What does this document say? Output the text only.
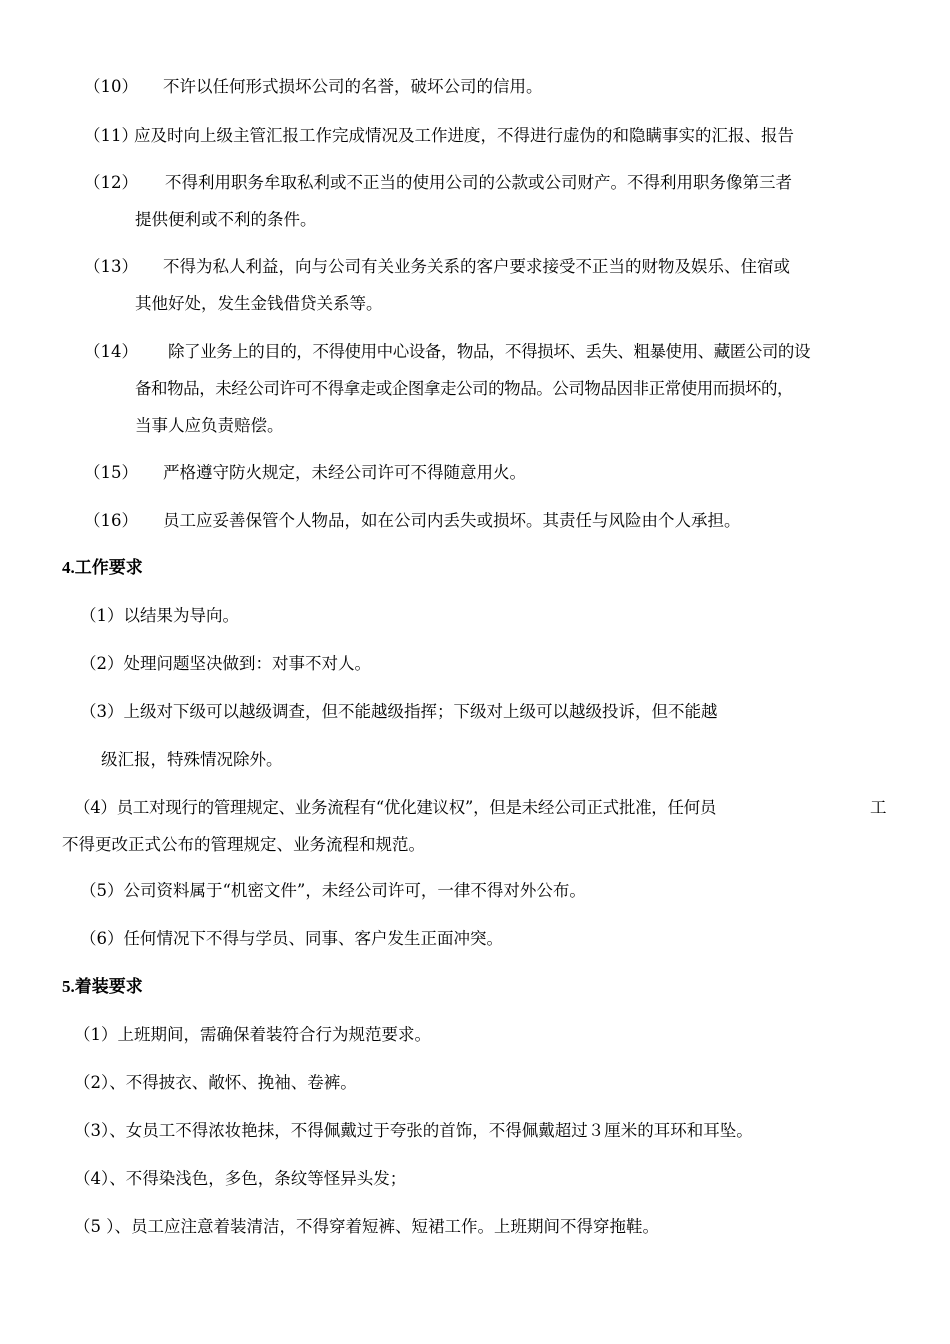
（10） 不许以任何形式损坏公司的名誉，破坏公司的信用。
（11）
应及时向上级主管汇报工作完成情况及工作进度，不得进行虚伪的和隐瞒事实的汇报、报告
（12） 不得利用职务牟取私利或不正当的使用公司的公款或公司财产。不得利用职务像第三者
提供便利或不利的条件。
（13） 不得为私人利益，向与公司有关业务关系的客户要求接受不正当的财物及娱乐、住宿或
其他好处，发生金钱借贷关系等。
（14） 除了业务上的目的，不得使用中心设备，物品，不得损坏、丢失、粗暴使用、藏匿公司的设
备和物品，未经公司许可不得拿走或企图拿走公司的物品。公司物品因非正常使用而损坏的，
当事人应负责赔偿。
（15） 严格遵守防火规定，未经公司许可不得随意用火。
（16） 员工应妥善保管个人物品，如在公司内丢失或损坏。其责任与风险由个人承担。
4.工作要求
（1）以结果为导向。
（2）处理问题坚决做到：对事不对人。
（3）上级对下级可以越级调查，但不能越级指挥；下级对上级可以越级投诉，但不能越
级汇报，特殊情况除外。
（4）员工对现行的管理规定、业务流程有“优化建议权”，但是未经公司正式批准，任何员	工
不得更改正式公布的管理规定、业务流程和规范。
（5）公司资料属于“机密文件”，未经公司许可，一律不得对外公布。
（6）任何情况下不得与学员、同事、客户发生正面冲突。
5.着装要求
（1）上班期间，需确保着装符合行为规范要求。
（2）、不得披衣、敞怀、挽袖、卷裤。
（3）、女员工不得浓妆艳抹，不得佩戴过于夸张的首饰，不得佩戴超过３厘米的耳环和耳坠。
（4）、不得染浅色，多色，条纹等怪异头发；
（5 ）、员工应注意着装清洁，不得穿着短裤、短裙工作。上班期间不得穿拖鞋。
